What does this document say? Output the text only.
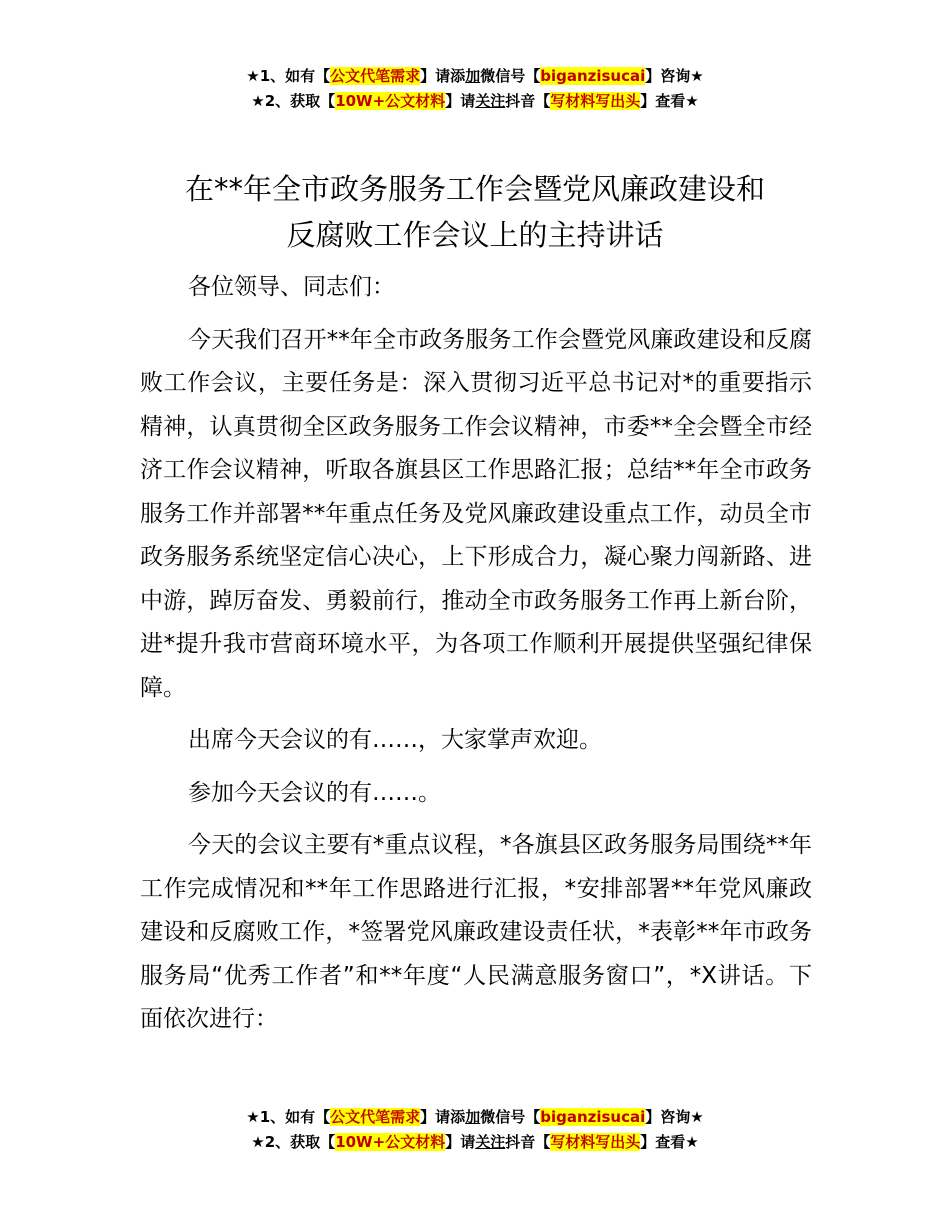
★1、如有【公文代笔需求】请添加微信号【biganzisucai】咨询★
★2、获取【10W+公文材料】请关注抖音【写材料写出头】查看★
在**年全市政务服务工作会暨党风廉政建设和
反腐败工作会议上的主持讲话

各位领导、同志们：

今天我们召开**年全市政务服务工作会暨党风廉政建设和反腐败工作会议，主要任务是：深入贯彻习近平总书记对*的重要指示精神，认真贯彻全区政务服务工作会议精神，市委**全会暨全市经济工作会议精神，听取各旗县区工作思路汇报；总结**年全市政务服务工作并部署**年重点任务及党风廉政建设重点工作，动员全市政务服务系统坚定信心决心，上下形成合力，凝心聚力闯新路、进中游，踔厉奋发、勇毅前行，推动全市政务服务工作再上新台阶，进*提升我市营商环境水平，为各项工作顺利开展提供坚强纪律保障。

出席今天会议的有……，大家掌声欢迎。

参加今天会议的有……。

今天的会议主要有*重点议程，*各旗县区政务服务局围绕**年工作完成情况和**年工作思路进行汇报，*安排部署**年党风廉政建设和反腐败工作，*签署党风廉政建设责任状，*表彰**年市政务服务局“优秀工作者”和**年度“人民满意服务窗口”，*X讲话。下面依次进行：

★1、如有【公文代笔需求】请添加微信号【biganzisucai】咨询★
★2、获取【10W+公文材料】请关注抖音【写材料写出头】查看★
